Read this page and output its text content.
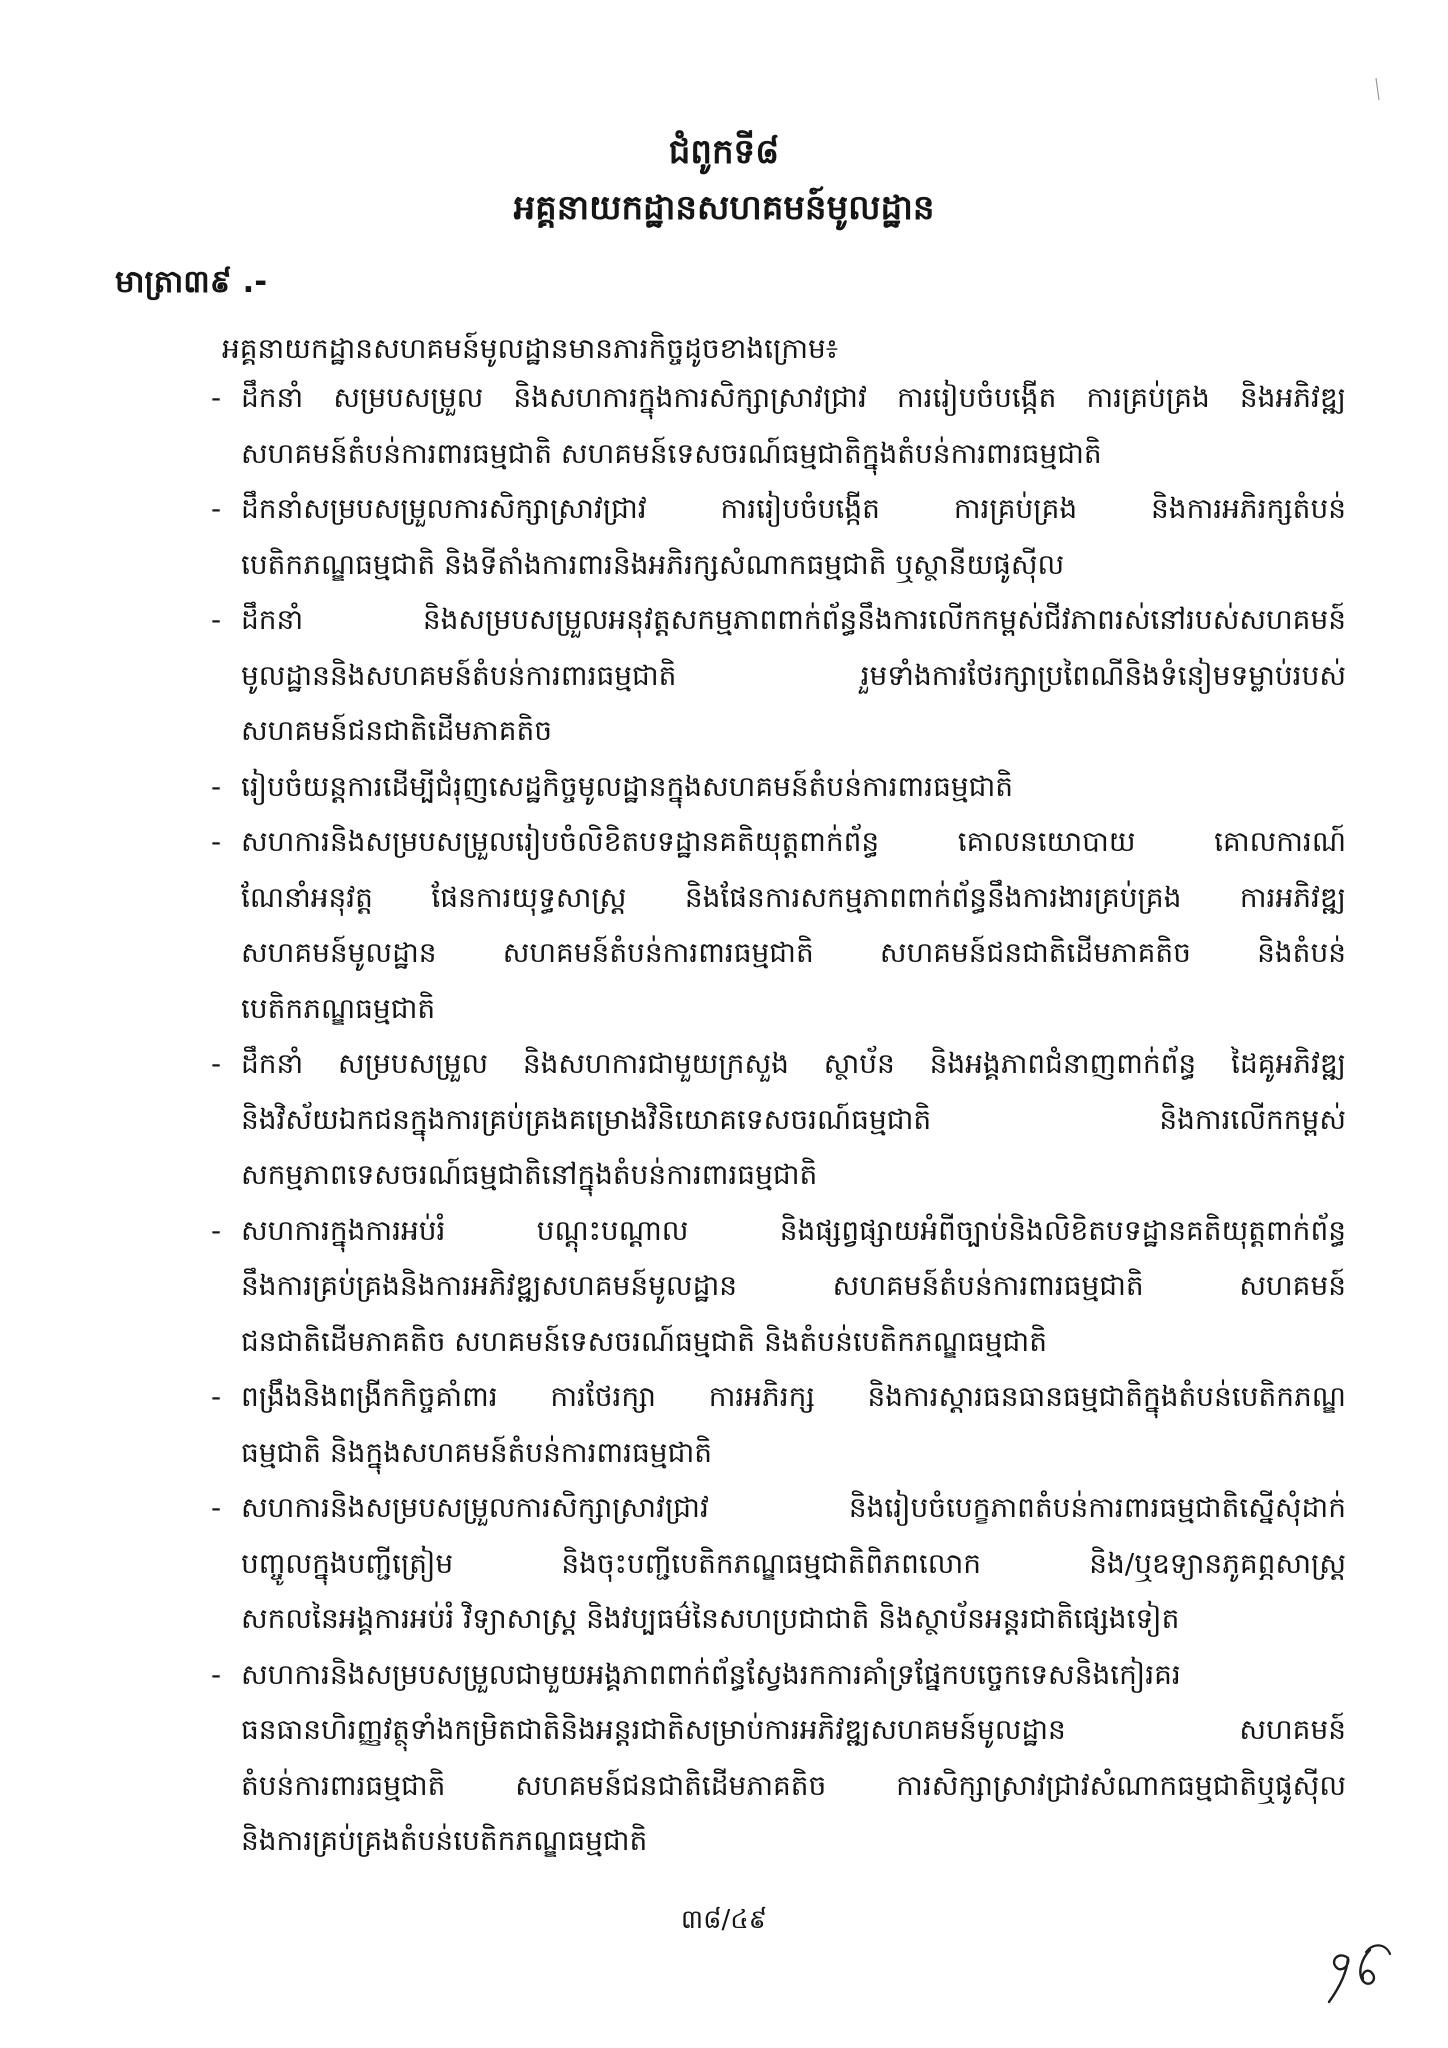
ជំពូកទី៨
អគ្គនាយកដ្ឋានសហគមន៍មូលដ្ឋាន
មាត្រា៣៩ .-
អគ្គនាយកដ្ឋានសហគមន៍មូលដ្ឋានមានភារកិច្ចដូចខាងក្រោម៖
- ដឹកនាំ សម្របសម្រួល និងសហការក្នុងការសិក្សាស្រាវជ្រាវ ការរៀបចំបង្កើត ការគ្រប់គ្រង និងអភិវឌ្ឍ
សហគមន៍តំបន់ការពារធម្មជាតិ សហគមន៍ទេសចរណ៍ធម្មជាតិក្នុងតំបន់ការពារធម្មជាតិ
- ដឹកនាំសម្របសម្រួលការសិក្សាស្រាវជ្រាវ ការរៀបចំបង្កើត ការគ្រប់គ្រង និងការអភិរក្សតំបន់
បេតិកភណ្ឌធម្មជាតិ និងទីតាំងការពារនិងអភិរក្សសំណាកធម្មជាតិ ឬស្ថានីយផូស៊ីល
- ដឹកនាំ និងសម្របសម្រួលអនុវត្តសកម្មភាពពាក់ព័ន្ធនឹងការលើកកម្ពស់ជីវភាពរស់នៅរបស់សហគមន៍
មូលដ្ឋាននិងសហគមន៍តំបន់ការពារធម្មជាតិ រួមទាំងការថែរក្សាប្រពៃណីនិងទំនៀមទម្លាប់របស់
សហគមន៍ជនជាតិដើមភាគតិច
- រៀបចំយន្តការដើម្បីជំរុញសេដ្ឋកិច្ចមូលដ្ឋានក្នុងសហគមន៍តំបន់ការពារធម្មជាតិ
- សហការនិងសម្របសម្រួលរៀបចំលិខិតបទដ្ឋានគតិយុត្តពាក់ព័ន្ធ គោលនយោបាយ គោលការណ៍
ណែនាំអនុវត្ត ផែនការយុទ្ធសាស្ត្រ និងផែនការសកម្មភាពពាក់ព័ន្ធនឹងការងារគ្រប់គ្រង ការអភិវឌ្ឍ
សហគមន៍មូលដ្ឋាន សហគមន៍តំបន់ការពារធម្មជាតិ សហគមន៍ជនជាតិដើមភាគតិច និងតំបន់
បេតិកភណ្ឌធម្មជាតិ
- ដឹកនាំ សម្របសម្រួល និងសហការជាមួយក្រសួង ស្ថាប័ន និងអង្គភាពជំនាញពាក់ព័ន្ធ ដៃគូអភិវឌ្ឍ
និងវិស័យឯកជនក្នុងការគ្រប់គ្រងគម្រោងវិនិយោគទេសចរណ៍ធម្មជាតិ និងការលើកកម្ពស់
សកម្មភាពទេសចរណ៍ធម្មជាតិនៅក្នុងតំបន់ការពារធម្មជាតិ
- សហការក្នុងការអប់រំ បណ្តុះបណ្តាល និងផ្សព្វផ្សាយអំពីច្បាប់និងលិខិតបទដ្ឋានគតិយុត្តពាក់ព័ន្ធ
នឹងការគ្រប់គ្រងនិងការអភិវឌ្ឍសហគមន៍មូលដ្ឋាន សហគមន៍តំបន់ការពារធម្មជាតិ សហគមន៍
ជនជាតិដើមភាគតិច សហគមន៍ទេសចរណ៍ធម្មជាតិ និងតំបន់បេតិកភណ្ឌធម្មជាតិ
- ពង្រឹងនិងពង្រីកកិច្ចគាំពារ ការថែរក្សា ការអភិរក្ស និងការស្តារធនធានធម្មជាតិក្នុងតំបន់បេតិកភណ្ឌ
ធម្មជាតិ និងក្នុងសហគមន៍តំបន់ការពារធម្មជាតិ
- សហការនិងសម្របសម្រួលការសិក្សាស្រាវជ្រាវ និងរៀបចំបេក្ខភាពតំបន់ការពារធម្មជាតិស្នើសុំដាក់
បញ្ចូលក្នុងបញ្ជីត្រៀម និងចុះបញ្ជីបេតិកភណ្ឌធម្មជាតិពិភពលោក និង/ឬឧទ្យានភូគព្ភសាស្ត្រ
សកលនៃអង្គការអប់រំ វិទ្យាសាស្ត្រ និងវប្បធម៌នៃសហប្រជាជាតិ និងស្ថាប័នអន្តរជាតិផ្សេងទៀត
- សហការនិងសម្របសម្រួលជាមួយអង្គភាពពាក់ព័ន្ធស្វែងរកការគាំទ្រផ្នែកបច្ចេកទេសនិងកៀរគរ
ធនធានហិរញ្ញវត្ថុទាំងកម្រិតជាតិនិងអន្តរជាតិសម្រាប់ការអភិវឌ្ឍសហគមន៍មូលដ្ឋាន សហគមន៍
តំបន់ការពារធម្មជាតិ សហគមន៍ជនជាតិដើមភាគតិច ការសិក្សាស្រាវជ្រាវសំណាកធម្មជាតិឬផូស៊ីល
និងការគ្រប់គ្រងតំបន់បេតិកភណ្ឌធម្មជាតិ
៣៨/៤៩
